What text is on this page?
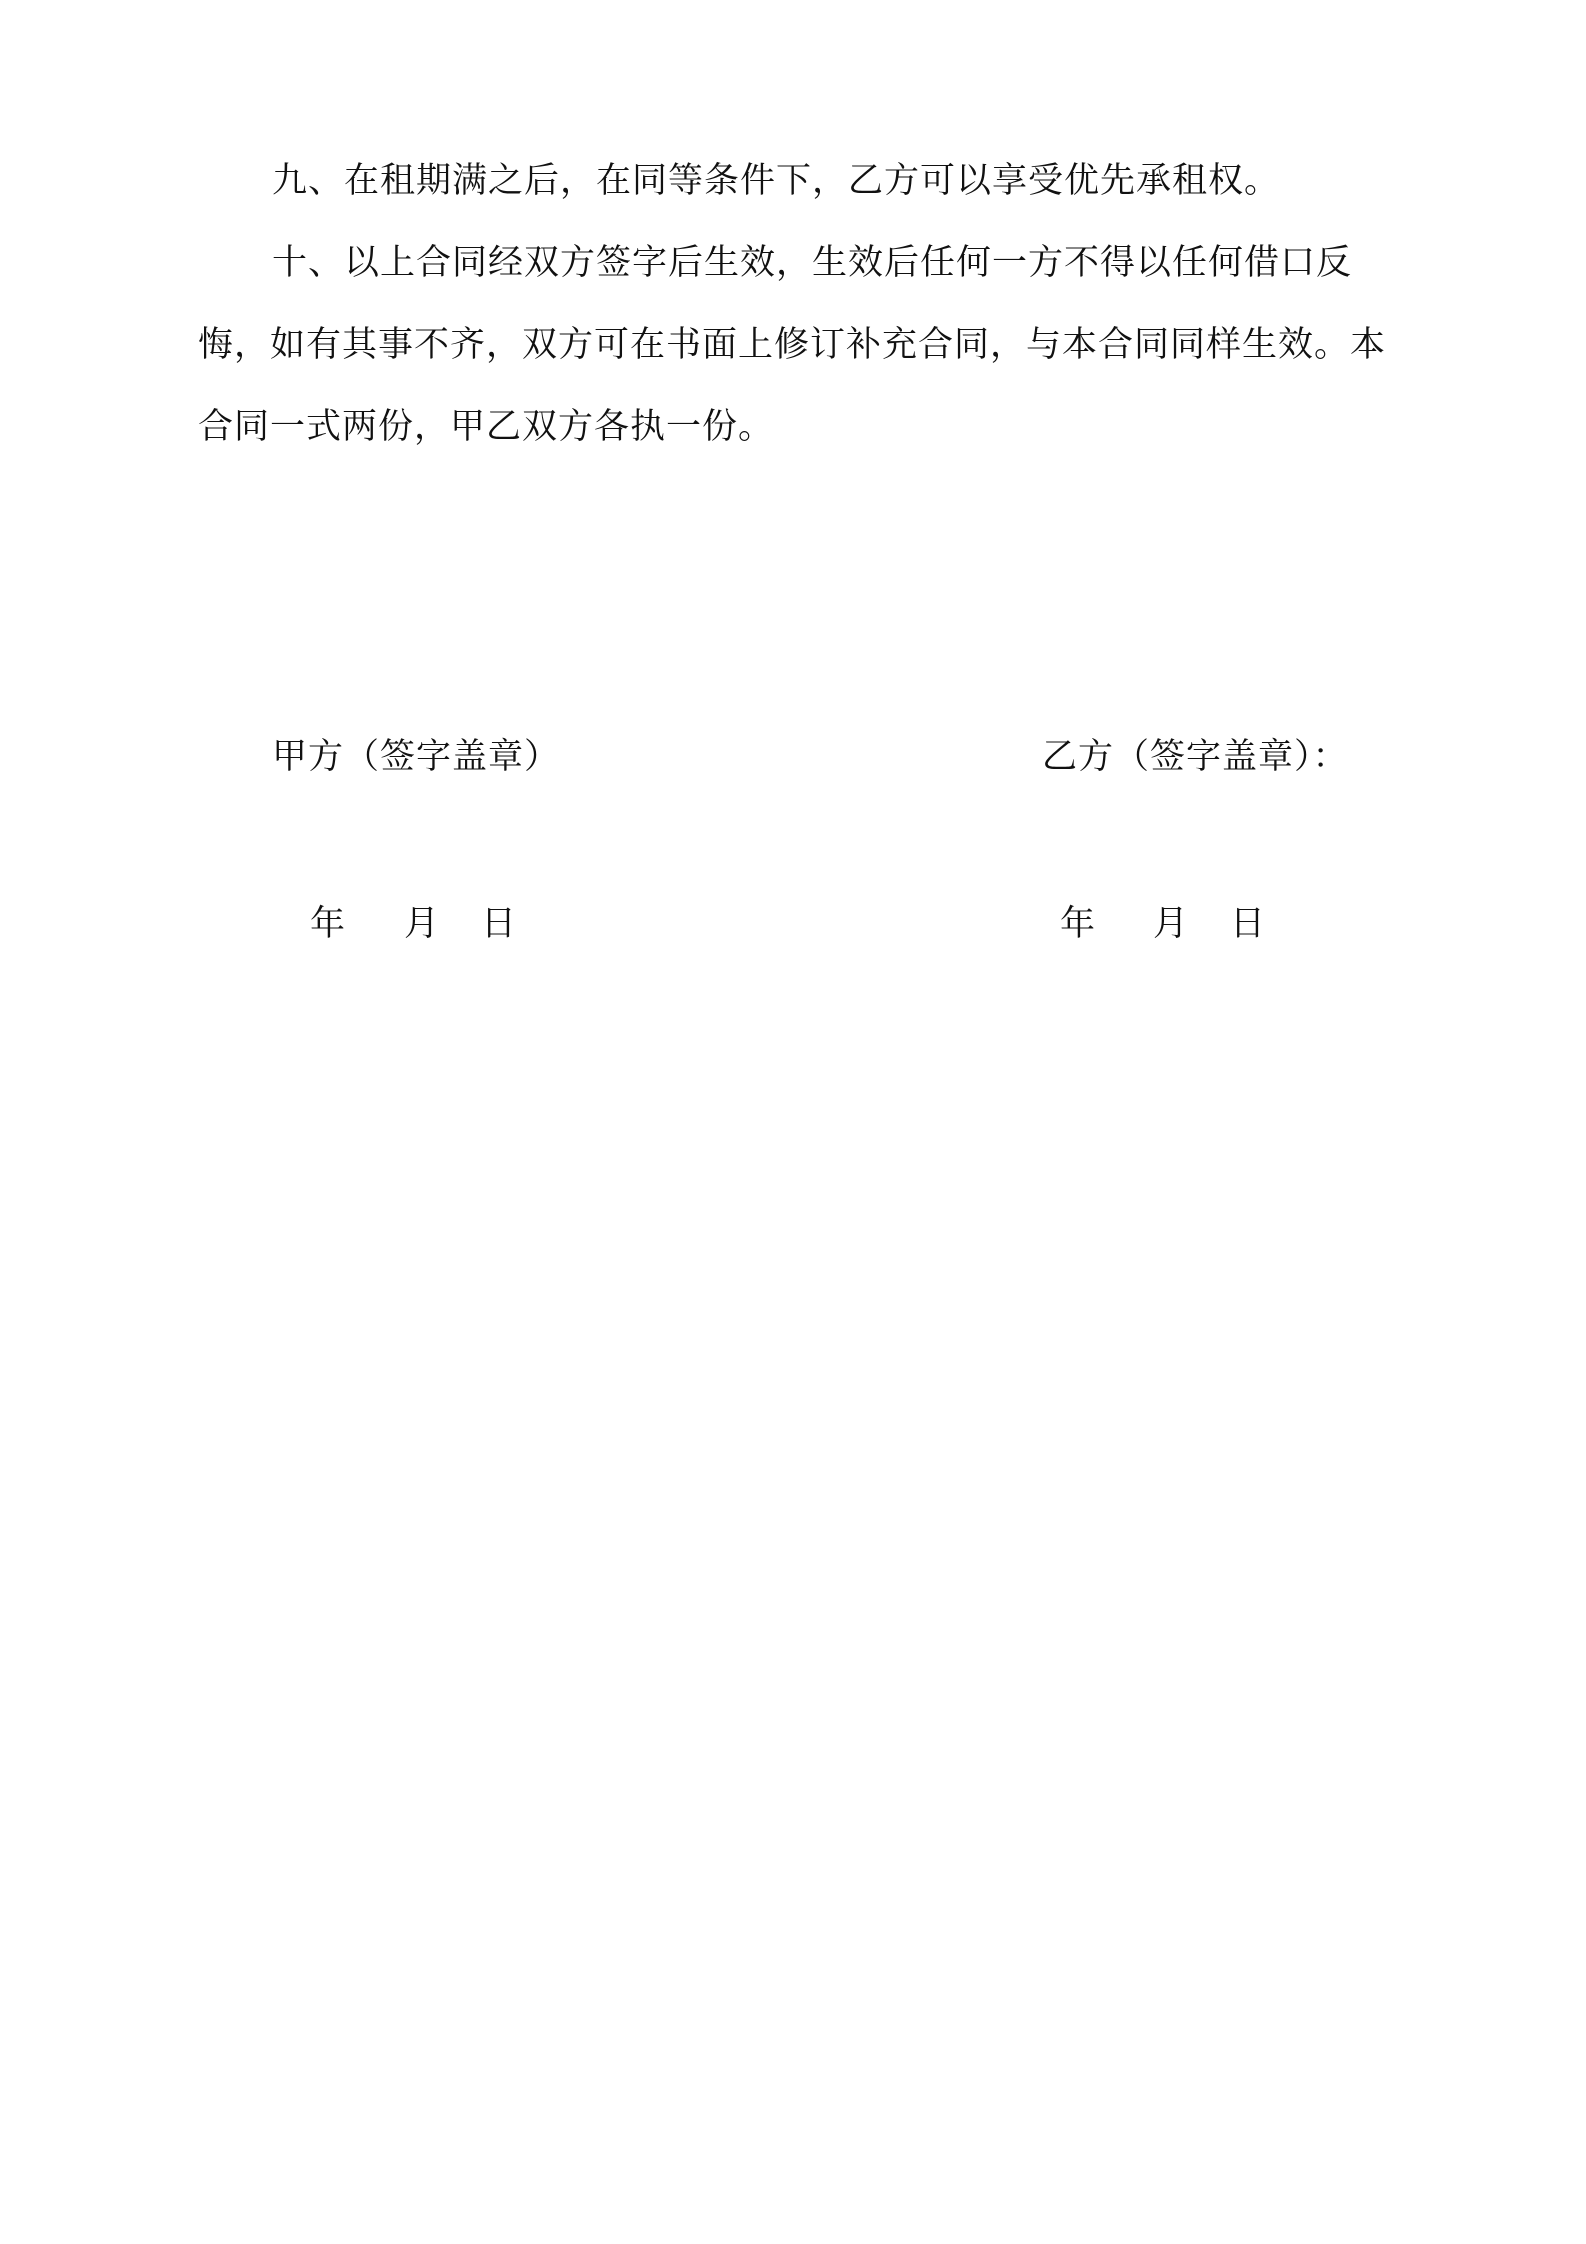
九、在租期满之后，在同等条件下，乙方可以享受优先承租权。

十、以上合同经双方签字后生效，生效后任何一方不得以任何借口反悔，如有其事不齐，双方可在书面上修订补充合同，与本合同同样生效。本合同一式两份，甲乙双方各执一份。

甲方（签字盖章）	乙方（签字盖章）：
年 月 日	年 月 日
